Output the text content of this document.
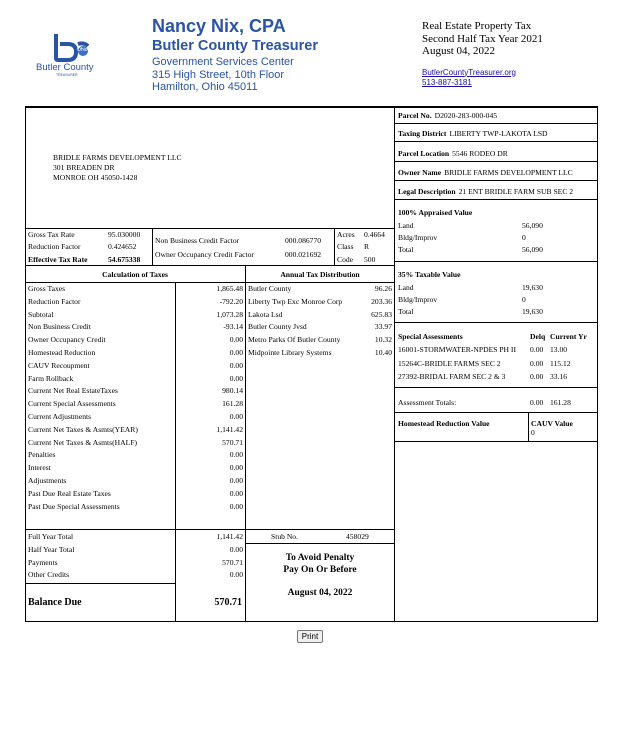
Ohio
Butler County
TREASURER
Nancy Nix, CPA
Butler County Treasurer
Government Services Center
315 High Street, 10th Floor
Hamilton, Ohio 45011
Real Estate Property Tax
Second Half Tax Year 2021
August 04, 2022
ButlerCountyTreasurer.org
513-887-3181
BRIDLE FARMS DEVELOPMENT LLC
301 BREADEN DR
MONROE OH 45050-1428
Parcel No. D2020-283-000-045
Taxing District LIBERTY TWP-LAKOTA LSD
Parcel Location 5546 RODEO DR
Owner Name BRIDLE FARMS DEVELOPMENT LLC
Legal Description 21 ENT BRIDLE FARM SUB SEC 2
100% Appraised Value
Land	56,090
Bldg/Improv	0
Total	56,090
35% Taxable Value
Land	19,630
Bldg/Improv	0
Total	19,630
Special Assessments	Delq Current Yr
16001-STORMWATER-NPDES PH II 0.00 13.00
15264C-BRIDLE FARMS SEC 2	0.00 115.12
27392-BRIDAL FARM SEC 2 & 3	0.00 33.16
Assessment Totals:	0.00 161.28
Homestead Reduction Value	CAUV Value
0
Gross Tax Rate	95.030000
Reduction Factor	0.424652
Effective Tax Rate	54.675338
Non Business Credit Factor	000.086770
Owner Occupancy Credit Factor	000.021692
Acres 0.4664
Class R
Code 500
Calculation of Taxes	Annual Tax Distribution
Gross Taxes	1,865.48
Reduction Factor	-792.20
Subtotal	1,073.28
Non Business Credit	-93.14
Owner Occupancy Credit	0.00
Homestead Reduction	0.00
CAUV Recoupment	0.00
Farm Rollback	0.00
Current Net Real EstateTaxes	980.14
Current Special Assessments	161.28
Current Adjustments	0.00
Current Net Taxes & Asmts(YEAR)	1,141.42
Current Net Taxes & Asmts(HALF)	570.71
Penalties	0.00
Interest	0.00
Adjustments	0.00
Past Due Real Estate Taxes	0.00
Past Due Special Assessments	0.00
Butler County	96.26
Liberty Twp Exc Monroe Corp	203.36
Lakota Lsd	625.83
Butler County Jvsd	33.97
Metro Parks Of Butler County	10.32
Midpointe Library Systems	10.40
Full Year Total	1,141.42
Half Year Total	0.00
Payments	570.71
Other Credits	0.00
Balance Due	570.71
Stub No.	458029
To Avoid Penalty
Pay On Or Before
August 04, 2022
Print
